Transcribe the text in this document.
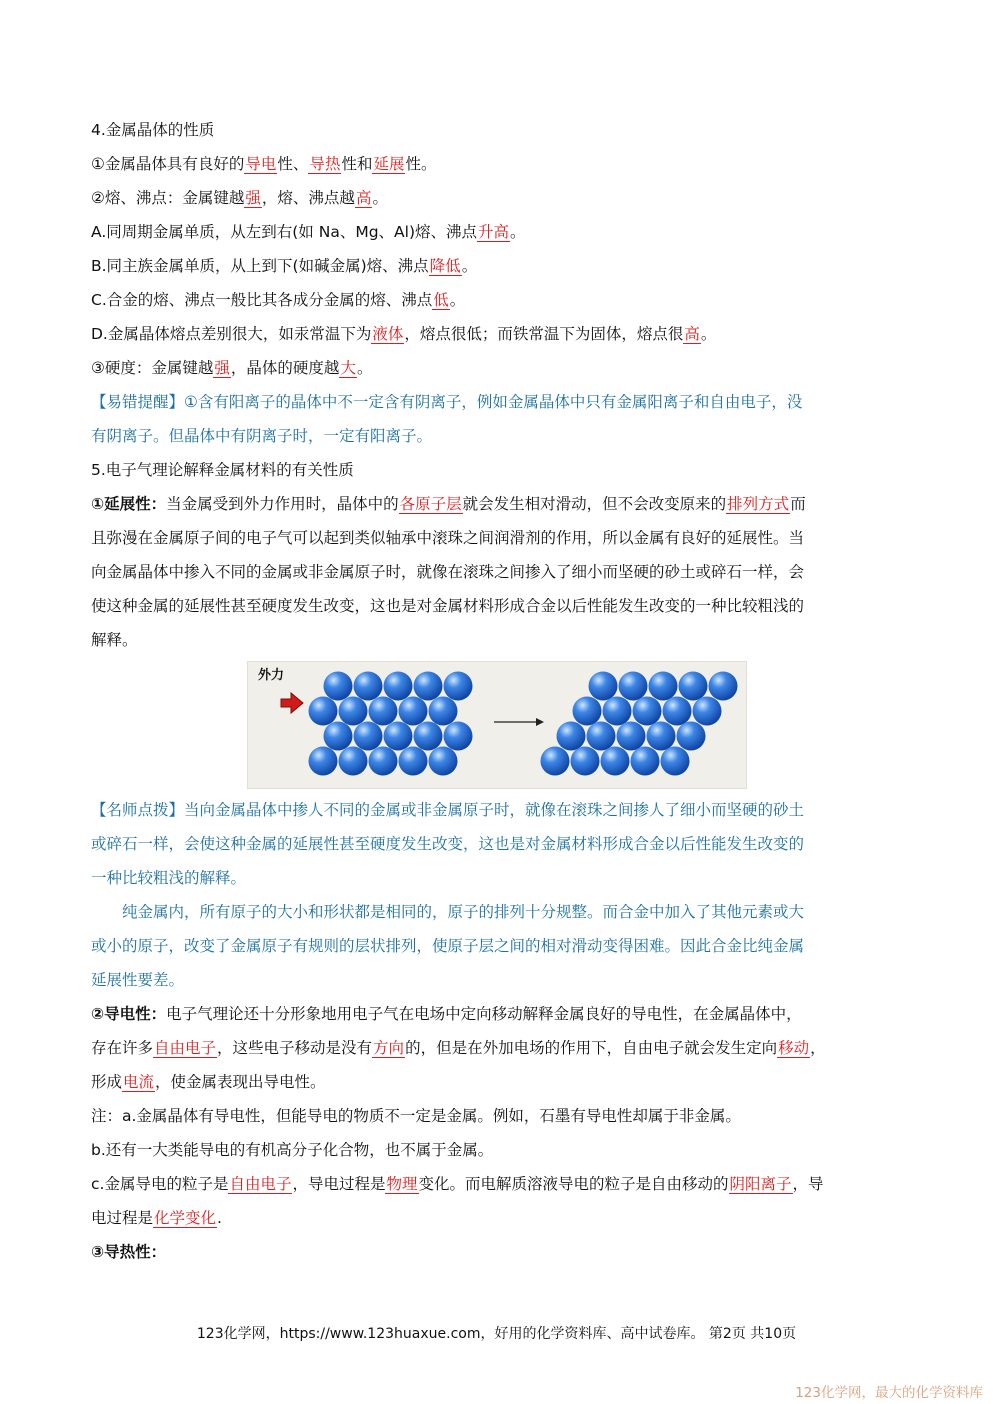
4.金属晶体的性质
①金属晶体具有良好的导电性、导热性和延展性。
②熔、沸点：金属键越强，熔、沸点越高。
A.同周期金属单质，从左到右(如 Na、Mg、Al)熔、沸点升高。
B.同主族金属单质，从上到下(如碱金属)熔、沸点降低。
C.合金的熔、沸点一般比其各成分金属的熔、沸点低。
D.金属晶体熔点差别很大，如汞常温下为液体，熔点很低；而铁常温下为固体，熔点很高。
③硬度：金属键越强，晶体的硬度越大。
【易错提醒】①含有阳离子的晶体中不一定含有阴离子，例如金属晶体中只有金属阳离子和自由电子，没
有阴离子。但晶体中有阴离子时，一定有阳离子。
5.电子气理论解释金属材料的有关性质
①延展性：当金属受到外力作用时，晶体中的各原子层就会发生相对滑动，但不会改变原来的排列方式而
且弥漫在金属原子间的电子气可以起到类似轴承中滚珠之间润滑剂的作用，所以金属有良好的延展性。当
向金属晶体中掺入不同的金属或非金属原子时，就像在滚珠之间掺入了细小而坚硬的砂土或碎石一样，会
使这种金属的延展性甚至硬度发生改变，这也是对金属材料形成合金以后性能发生改变的一种比较粗浅的
解释。
外力
【名师点拨】当向金属晶体中掺人不同的金属或非金属原子时，就像在滚珠之间掺人了细小而坚硬的砂土
或碎石一样，会使这种金属的延展性甚至硬度发生改变，这也是对金属材料形成合金以后性能发生改变的
一种比较粗浅的解释。
纯金属内，所有原子的大小和形状都是相同的，原子的排列十分规整。而合金中加入了其他元素或大
或小的原子，改变了金属原子有规则的层状排列，使原子层之间的相对滑动变得困难。因此合金比纯金属
延展性要差。
②导电性：电子气理论还十分形象地用电子气在电场中定向移动解释金属良好的导电性，在金属晶体中，
存在许多自由电子，这些电子移动是没有方向的，但是在外加电场的作用下，自由电子就会发生定向移动，
形成电流，使金属表现出导电性。
注：a.金属晶体有导电性，但能导电的物质不一定是金属。例如，石墨有导电性却属于非金属。
b.还有一大类能导电的有机高分子化合物，也不属于金属。
c.金属导电的粒子是自由电子，导电过程是物理变化。而电解质溶液导电的粒子是自由移动的阴阳离子，导
电过程是化学变化.
③导热性：
123化学网，https://www.123huaxue.com，好用的化学资料库、高中试卷库。 第2页 共10页
123化学网，最大的化学资料库
